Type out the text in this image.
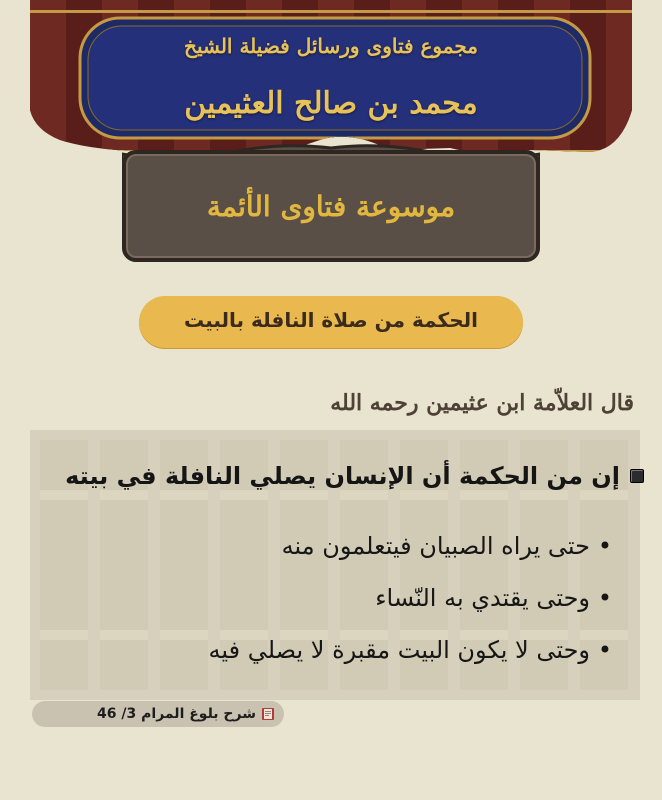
مجموع فتاوى ورسائل فضيلة الشيخ
محمد بن صالح العثيمين
موسوعة فتاوى الأئمة
الحكمة من صلاة النافلة بالبيت
قال العلاّمة ابن عثيمين رحمه الله
إن من الحكمة أن الإنسان يصلي النافلة في بيته
• حتى يراه الصبيان فيتعلمون منه
• وحتى يقتدي به النّساء
• وحتى لا يكون البيت مقبرة لا يصلي فيه
شرح بلوغ المرام 3/ 46
